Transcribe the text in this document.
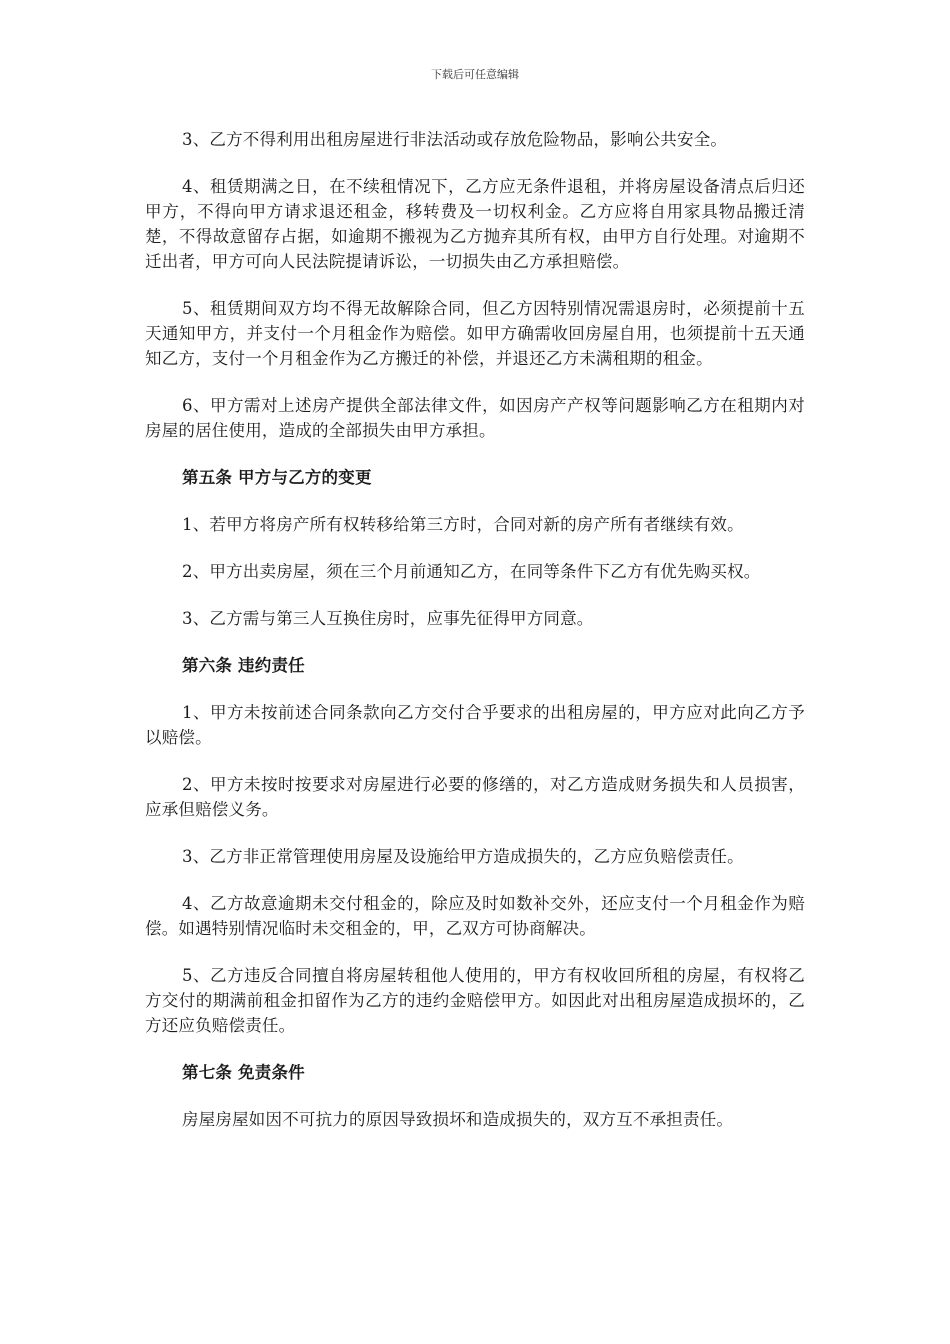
下载后可任意编辑

3、乙方不得利用出租房屋进行非法活动或存放危险物品，影响公共安全。

4、租赁期满之日，在不续租情况下，乙方应无条件退租，并将房屋设备清点后归还甲方，不得向甲方请求退还租金，移转费及一切权利金。乙方应将自用家具物品搬迁清楚，不得故意留存占据，如逾期不搬视为乙方抛弃其所有权，由甲方自行处理。对逾期不迁出者，甲方可向人民法院提请诉讼，一切损失由乙方承担赔偿。

5、租赁期间双方均不得无故解除合同，但乙方因特别情况需退房时，必须提前十五天通知甲方，并支付一个月租金作为赔偿。如甲方确需收回房屋自用，也须提前十五天通知乙方，支付一个月租金作为乙方搬迁的补偿，并退还乙方未满租期的租金。

6、甲方需对上述房产提供全部法律文件，如因房产产权等问题影响乙方在租期内对房屋的居住使用，造成的全部损失由甲方承担。

第五条 甲方与乙方的变更

1、若甲方将房产所有权转移给第三方时，合同对新的房产所有者继续有效。

2、甲方出卖房屋，须在三个月前通知乙方，在同等条件下乙方有优先购买权。

3、乙方需与第三人互换住房时，应事先征得甲方同意。

第六条 违约责任

1、甲方未按前述合同条款向乙方交付合乎要求的出租房屋的，甲方应对此向乙方予以赔偿。

2、甲方未按时按要求对房屋进行必要的修缮的，对乙方造成财务损失和人员损害，应承但赔偿义务。

3、乙方非正常管理使用房屋及设施给甲方造成损失的，乙方应负赔偿责任。

4、乙方故意逾期未交付租金的，除应及时如数补交外，还应支付一个月租金作为赔偿。如遇特别情况临时未交租金的，甲，乙双方可协商解决。

5、乙方违反合同擅自将房屋转租他人使用的，甲方有权收回所租的房屋，有权将乙方交付的期满前租金扣留作为乙方的违约金赔偿甲方。如因此对出租房屋造成损坏的，乙方还应负赔偿责任。

第七条 免责条件

房屋房屋如因不可抗力的原因导致损坏和造成损失的，双方互不承担责任。
